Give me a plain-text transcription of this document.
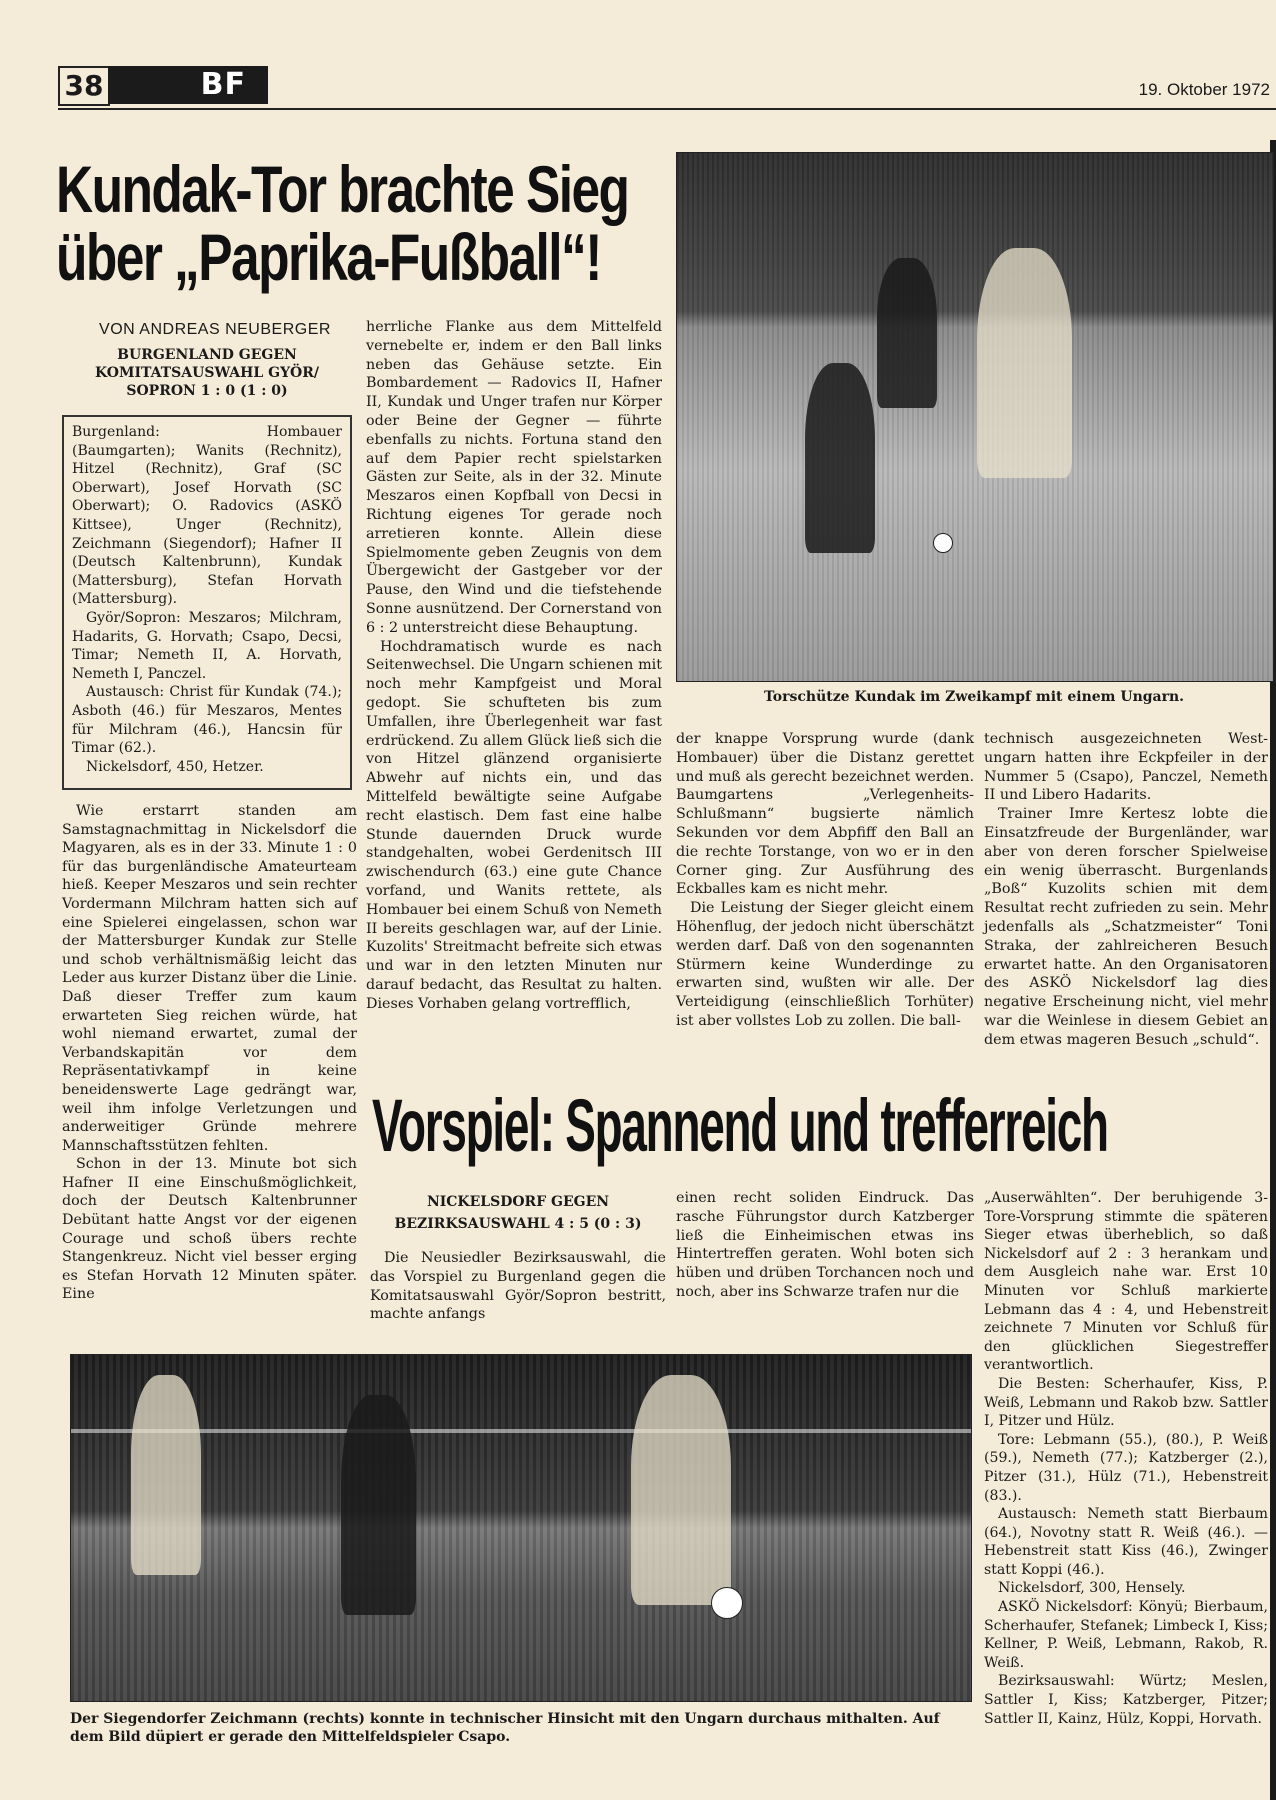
38	BF	19. Oktober 1972
Kundak-Tor brachte Sieg
über „Paprika-Fußball“!
VON ANDREAS NEUBERGER
BURGENLAND GEGEN
KOMITATSAUSWAHL GYÖR/
SOPRON 1 : 0 (1 : 0)

Burgenland: Hombauer (Baumgarten); Wanits (Rechnitz), Hitzel (Rechnitz), Graf (SC Oberwart), Josef Horvath (SC Oberwart); O. Radovics (ASKÖ Kittsee), Unger (Rechnitz), Zeichmann (Siegendorf); Hafner II (Deutsch Kaltenbrunn), Kundak (Mattersburg), Stefan Horvath (Mattersburg).

Györ/Sopron: Meszaros; Milchram, Hadarits, G. Horvath; Csapo, Decsi, Timar; Nemeth II, A. Horvath, Nemeth I, Panczel.

Austausch: Christ für Kundak (74.); Asboth (46.) für Meszaros, Mentes für Milchram (46.), Hancsin für Timar (62.).

Nickelsdorf, 450, Hetzer.

Wie erstarrt standen am Samstagnachmittag in Nickelsdorf die Magyaren, als es in der 33. Minute 1 : 0 für das burgenländische Amateurteam hieß. Keeper Meszaros und sein rechter Vordermann Milchram hatten sich auf eine Spielerei eingelassen, schon war der Mattersburger Kundak zur Stelle und schob verhältnismäßig leicht das Leder aus kurzer Distanz über die Linie. Daß dieser Treffer zum kaum erwarteten Sieg reichen würde, hat wohl niemand erwartet, zumal der Verbandskapitän vor dem Repräsentativkampf in keine beneidenswerte Lage gedrängt war, weil ihm infolge Verletzungen und anderweitiger Gründe mehrere Mannschaftsstützen fehlten.

Schon in der 13. Minute bot sich Hafner II eine Einschußmöglichkeit, doch der Deutsch Kaltenbrunner Debütant hatte Angst vor der eigenen Courage und schoß übers rechte Stangenkreuz. Nicht viel besser erging es Stefan Horvath 12 Minuten später. Eine

herrliche Flanke aus dem Mittelfeld vernebelte er, indem er den Ball links neben das Gehäuse setzte. Ein Bombardement — Radovics II, Hafner II, Kundak und Unger trafen nur Körper oder Beine der Gegner — führte ebenfalls zu nichts. Fortuna stand den auf dem Papier recht spielstarken Gästen zur Seite, als in der 32. Minute Meszaros einen Kopfball von Decsi in Richtung eigenes Tor gerade noch arretieren konnte. Allein diese Spielmomente geben Zeugnis von dem Übergewicht der Gastgeber vor der Pause, den Wind und die tiefstehende Sonne ausnützend. Der Cornerstand von 6 : 2 unterstreicht diese Behauptung.

Hochdramatisch wurde es nach Seitenwechsel. Die Ungarn schienen mit noch mehr Kampfgeist und Moral gedopt. Sie schufteten bis zum Umfallen, ihre Überlegenheit war fast erdrückend. Zu allem Glück ließ sich die von Hitzel glänzend organisierte Abwehr auf nichts ein, und das Mittelfeld bewältigte seine Aufgabe recht elastisch. Dem fast eine halbe Stunde dauernden Druck wurde standgehalten, wobei Gerdenitsch III zwischendurch (63.) eine gute Chance vorfand, und Wanits rettete, als Hombauer bei einem Schuß von Nemeth II bereits geschlagen war, auf der Linie. Kuzolits' Streitmacht befreite sich etwas und war in den letzten Minuten nur darauf bedacht, das Resultat zu halten. Dieses Vorhaben gelang vortrefflich,

Torschütze Kundak im Zweikampf mit einem Ungarn.

der knappe Vorsprung wurde (dank Hombauer) über die Distanz gerettet und muß als gerecht bezeichnet werden. Baumgartens „Verlegenheits-Schlußmann“ bugsierte nämlich Sekunden vor dem Abpfiff den Ball an die rechte Torstange, von wo er in den Corner ging. Zur Ausführung des Eckballes kam es nicht mehr.

Die Leistung der Sieger gleicht einem Höhenflug, der jedoch nicht überschätzt werden darf. Daß von den sogenannten Stürmern keine Wunderdinge zu erwarten sind, wußten wir alle. Der Verteidigung (einschließlich Torhüter) ist aber vollstes Lob zu zollen. Die ball-

technisch ausgezeichneten Westungarn hatten ihre Eckpfeiler in der Nummer 5 (Csapo), Panczel, Nemeth II und Libero Hadarits.

Trainer Imre Kertesz lobte die Einsatzfreude der Burgenländer, war aber von deren forscher Spielweise ein wenig überrascht. Burgenlands „Boß“ Kuzolits schien mit dem Resultat recht zufrieden zu sein. Mehr jedenfalls als „Schatzmeister“ Toni Straka, der zahlreicheren Besuch erwartet hatte. An den Organisatoren des ASKÖ Nickelsdorf lag dies negative Erscheinung nicht, viel mehr war die Weinlese in diesem Gebiet an dem etwas mageren Besuch „schuld“.

Vorspiel: Spannend und trefferreich
NICKELSDORF GEGEN
BEZIRKSAUSWAHL 4 : 5 (0 : 3)

Die Neusiedler Bezirksauswahl, die das Vorspiel zu Burgenland gegen die Komitatsauswahl Györ/Sopron bestritt, machte anfangs

einen recht soliden Eindruck. Das rasche Führungstor durch Katzberger ließ die Einheimischen etwas ins Hintertreffen geraten. Wohl boten sich hüben und drüben Torchancen noch und noch, aber ins Schwarze trafen nur die

„Auserwählten“. Der beruhigende 3-Tore-Vorsprung stimmte die späteren Sieger etwas überheblich, so daß Nickelsdorf auf 2 : 3 herankam und dem Ausgleich nahe war. Erst 10 Minuten vor Schluß markierte Lebmann das 4 : 4, und Hebenstreit zeichnete 7 Minuten vor Schluß für den glücklichen Siegestreffer verantwortlich.

Die Besten: Scherhaufer, Kiss, P. Weiß, Lebmann und Rakob bzw. Sattler I, Pitzer und Hülz.

Tore: Lebmann (55.), (80.), P. Weiß (59.), Nemeth (77.); Katzberger (2.), Pitzer (31.), Hülz (71.), Hebenstreit (83.).

Austausch: Nemeth statt Bierbaum (64.), Novotny statt R. Weiß (46.). — Hebenstreit statt Kiss (46.), Zwinger statt Koppi (46.).

Nickelsdorf, 300, Hensely.

ASKÖ Nickelsdorf: Könyü; Bierbaum, Scherhaufer, Stefanek; Limbeck I, Kiss; Kellner, P. Weiß, Lebmann, Rakob, R. Weiß.

Bezirksauswahl: Würtz; Meslen, Sattler I, Kiss; Katzberger, Pitzer; Sattler II, Kainz, Hülz, Koppi, Horvath.

Der Siegendorfer Zeichmann (rechts) konnte in technischer Hinsicht mit den Ungarn durchaus mithalten. Auf dem Bild düpiert er gerade den Mittelfeldspieler Csapo.
